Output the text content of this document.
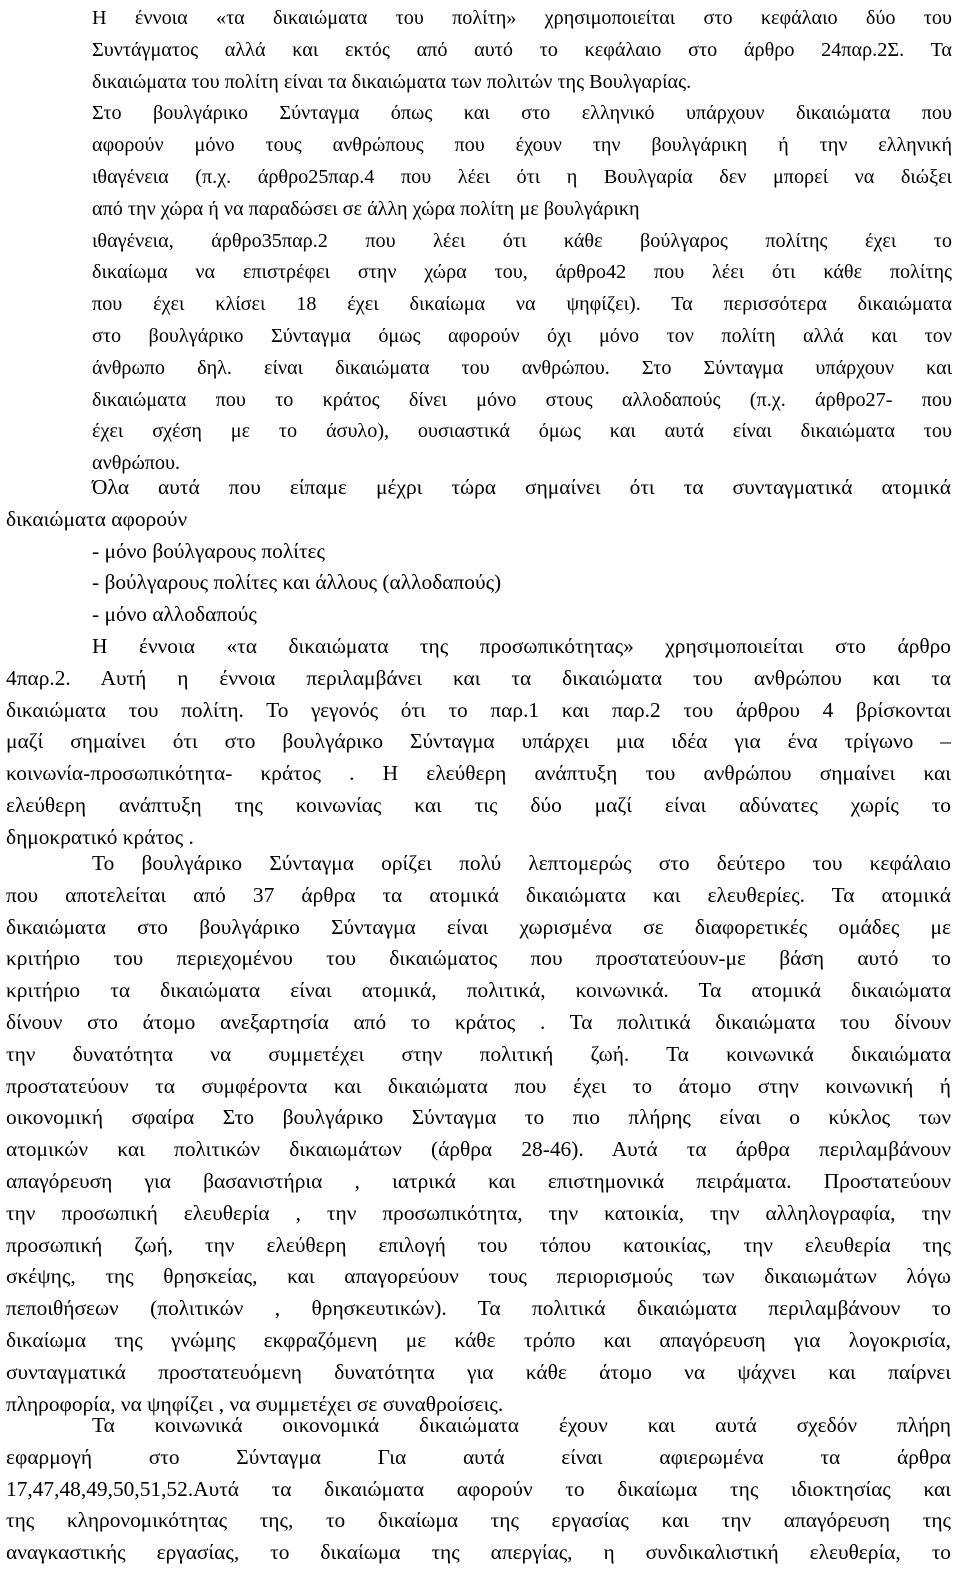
Η έννοια «τα δικαιώματα του πολίτη» χρησιμοποιείται στο κεφάλαιο δύο του
Συντάγματος αλλά και εκτός από αυτό το κεφάλαιο στο άρθρο 24παρ.2Σ. Τα
δικαιώματα του πολίτη είναι τα δικαιώματα των πολιτών της Βουλγαρίας.
Στο βουλγάρικο Σύνταγμα όπως και στο ελληνικό υπάρχουν δικαιώματα που
αφορούν μόνο τους ανθρώπους που έχουν την βουλγάρικη ή την ελληνική
ιθαγένεια (π.χ. άρθρο25παρ.4 που λέει ότι η Βουλγαρία δεν μπορεί να διώξει
από την χώρα ή να παραδώσει σε άλλη χώρα πολίτη με βουλγάρικη
ιθαγένεια, άρθρο35παρ.2 που λέει ότι κάθε βούλγαρος πολίτης έχει το
δικαίωμα να επιστρέφει στην χώρα του, άρθρο42 που λέει ότι κάθε πολίτης
που έχει κλίσει 18 έχει δικαίωμα να ψηφίζει). Τα περισσότερα δικαιώματα
στο βουλγάρικο Σύνταγμα όμως αφορούν όχι μόνο τον πολίτη αλλά και τον
άνθρωπο δηλ. είναι δικαιώματα του ανθρώπου. Στο Σύνταγμα υπάρχουν και
δικαιώματα που το κράτος δίνει μόνο στους αλλοδαπούς (π.χ. άρθρο27- που
έχει σχέση με το άσυλο), ουσιαστικά όμως και αυτά είναι δικαιώματα του
ανθρώπου.
Όλα αυτά που είπαμε μέχρι τώρα σημαίνει ότι τα συνταγματικά ατομικά
δικαιώματα αφορούν
- μόνο βούλγαρους πολίτες
- βούλγαρους πολίτες και άλλους (αλλοδαπούς)
- μόνο αλλοδαπούς
Η έννοια «τα δικαιώματα της προσωπικότητας» χρησιμοποιείται στο άρθρο
4παρ.2. Αυτή η έννοια περιλαμβάνει και τα δικαιώματα του ανθρώπου και τα
δικαιώματα του πολίτη. Το γεγονός ότι το παρ.1 και παρ.2 του άρθρου 4 βρίσκονται
μαζί σημαίνει ότι στο βουλγάρικο Σύνταγμα υπάρχει μια ιδέα για ένα τρίγωνο –
κοινωνία-προσωπικότητα- κράτος . Η ελεύθερη ανάπτυξη του ανθρώπου σημαίνει και
ελεύθερη ανάπτυξη της κοινωνίας και τις δύο μαζί είναι αδύνατες χωρίς το
δημοκρατικό κράτος .
Το βουλγάρικο Σύνταγμα ορίζει πολύ λεπτομερώς στο δεύτερο του κεφάλαιο
που αποτελείται από 37 άρθρα τα ατομικά δικαιώματα και ελευθερίες. Τα ατομικά
δικαιώματα στο βουλγάρικο Σύνταγμα είναι χωρισμένα σε διαφορετικές ομάδες με
κριτήριο του περιεχομένου του δικαιώματος που προστατεύουν-με βάση αυτό το
κριτήριο τα δικαιώματα είναι ατομικά, πολιτικά, κοινωνικά. Τα ατομικά δικαιώματα
δίνουν στο άτομο ανεξαρτησία από το κράτος . Τα πολιτικά δικαιώματα του δίνουν
την δυνατότητα να συμμετέχει στην πολιτική ζωή. Τα κοινωνικά δικαιώματα
προστατεύουν τα συμφέροντα και δικαιώματα που έχει το άτομο στην κοινωνική ή
οικονομική σφαίρα Στο βουλγάρικο Σύνταγμα το πιο πλήρης είναι ο κύκλος των
ατομικών και πολιτικών δικαιωμάτων (άρθρα 28-46). Αυτά τα άρθρα περιλαμβάνουν
απαγόρευση για βασανιστήρια , ιατρικά και επιστημονικά πειράματα. Προστατεύουν
την προσωπική ελευθερία , την προσωπικότητα, την κατοικία, την αλληλογραφία, την
προσωπική ζωή, την ελεύθερη επιλογή του τόπου κατοικίας, την ελευθερία της
σκέψης, της θρησκείας, και απαγορεύουν τους περιορισμούς των δικαιωμάτων λόγω
πεποιθήσεων (πολιτικών , θρησκευτικών). Τα πολιτικά δικαιώματα περιλαμβάνουν το
δικαίωμα της γνώμης εκφραζόμενη με κάθε τρόπο και απαγόρευση για λογοκρισία,
συνταγματικά προστατευόμενη δυνατότητα για κάθε άτομο να ψάχνει και παίρνει
πληροφορία, να ψηφίζει , να συμμετέχει σε συναθροίσεις.
Τα κοινωνικά οικονομικά δικαιώματα έχουν και αυτά σχεδόν πλήρη
εφαρμογή στο Σύνταγμα Για αυτά είναι αφιερωμένα τα άρθρα
17,47,48,49,50,51,52.Αυτά τα δικαιώματα αφορούν το δικαίωμα της ιδιοκτησίας και
της κληρονομικότητας της, το δικαίωμα της εργασίας και την απαγόρευση της
αναγκαστικής εργασίας, το δικαίωμα της απεργίας, η συνδικαλιστική ελευθερία, το
